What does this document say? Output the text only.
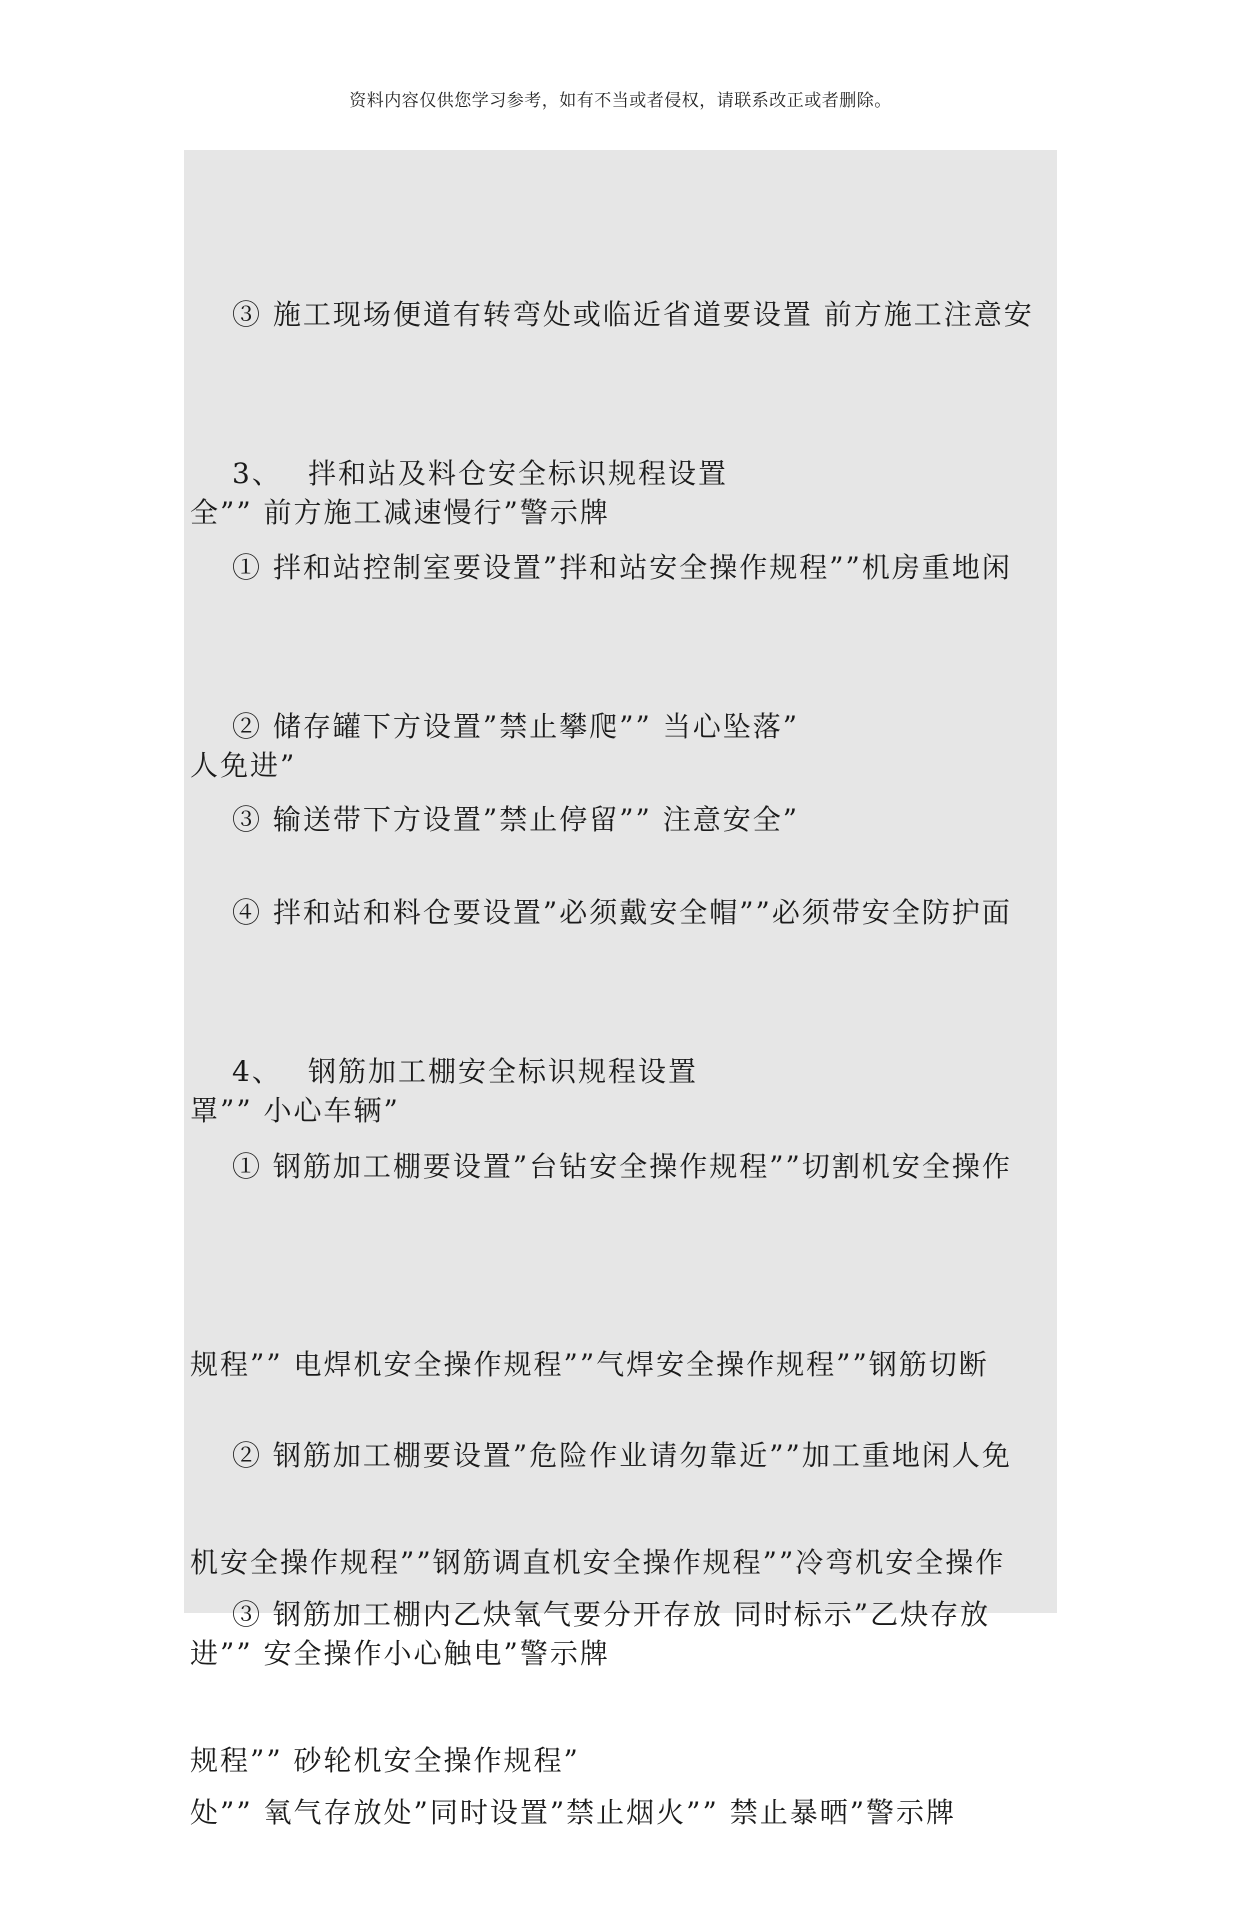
资料内容仅供您学习参考，如有不当或者侵权，请联系改正或者删除。

③ 施工现场便道有转弯处或临近省道要设置 前方施工注意安

全”” 前方施工减速慢行”警示牌

3、 拌和站及料仓安全标识规程设置

① 拌和站控制室要设置”拌和站安全操作规程””机房重地闲

人免进”

② 储存罐下方设置”禁止攀爬”” 当心坠落”

③ 输送带下方设置”禁止停留”” 注意安全”

④ 拌和站和料仓要设置”必须戴安全帽””必须带安全防护面

罩”” 小心车辆”

4、 钢筋加工棚安全标识规程设置

① 钢筋加工棚要设置”台钻安全操作规程””切割机安全操作

规程”” 电焊机安全操作规程””气焊安全操作规程””钢筋切断

机安全操作规程””钢筋调直机安全操作规程””冷弯机安全操作

规程”” 砂轮机安全操作规程”

② 钢筋加工棚要设置”危险作业请勿靠近””加工重地闲人免

进”” 安全操作小心触电”警示牌

③ 钢筋加工棚内乙炔氧气要分开存放 同时标示”乙炔存放

处”” 氧气存放处”同时设置”禁止烟火”” 禁止暴晒”警示牌
